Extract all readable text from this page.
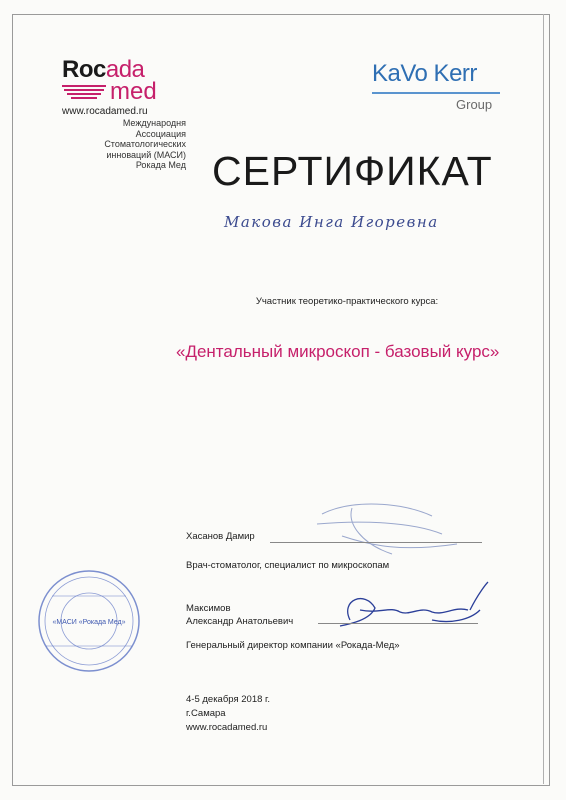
Rocada
med
www.rocadamed.ru
Международня
Ассоциация
Стоматологических
инноваций (МАСИ)
Рокада Мед
KaVo Kerr
Group
СЕРТИФИКАТ
Макова Инга Игоревна
Участник теоретико-практического курса:
«Дентальный микроскоп - базовый курс»
Хасанов Дамир
Врач-стоматолог, специалист по микроскопам
Максимов
Александр Анатольевич
Генеральный директор компании «Рокада-Мед»
«МАСИ «Рокада Мед»
4-5 декабря 2018 г.
г.Самара
www.rocadamed.ru
